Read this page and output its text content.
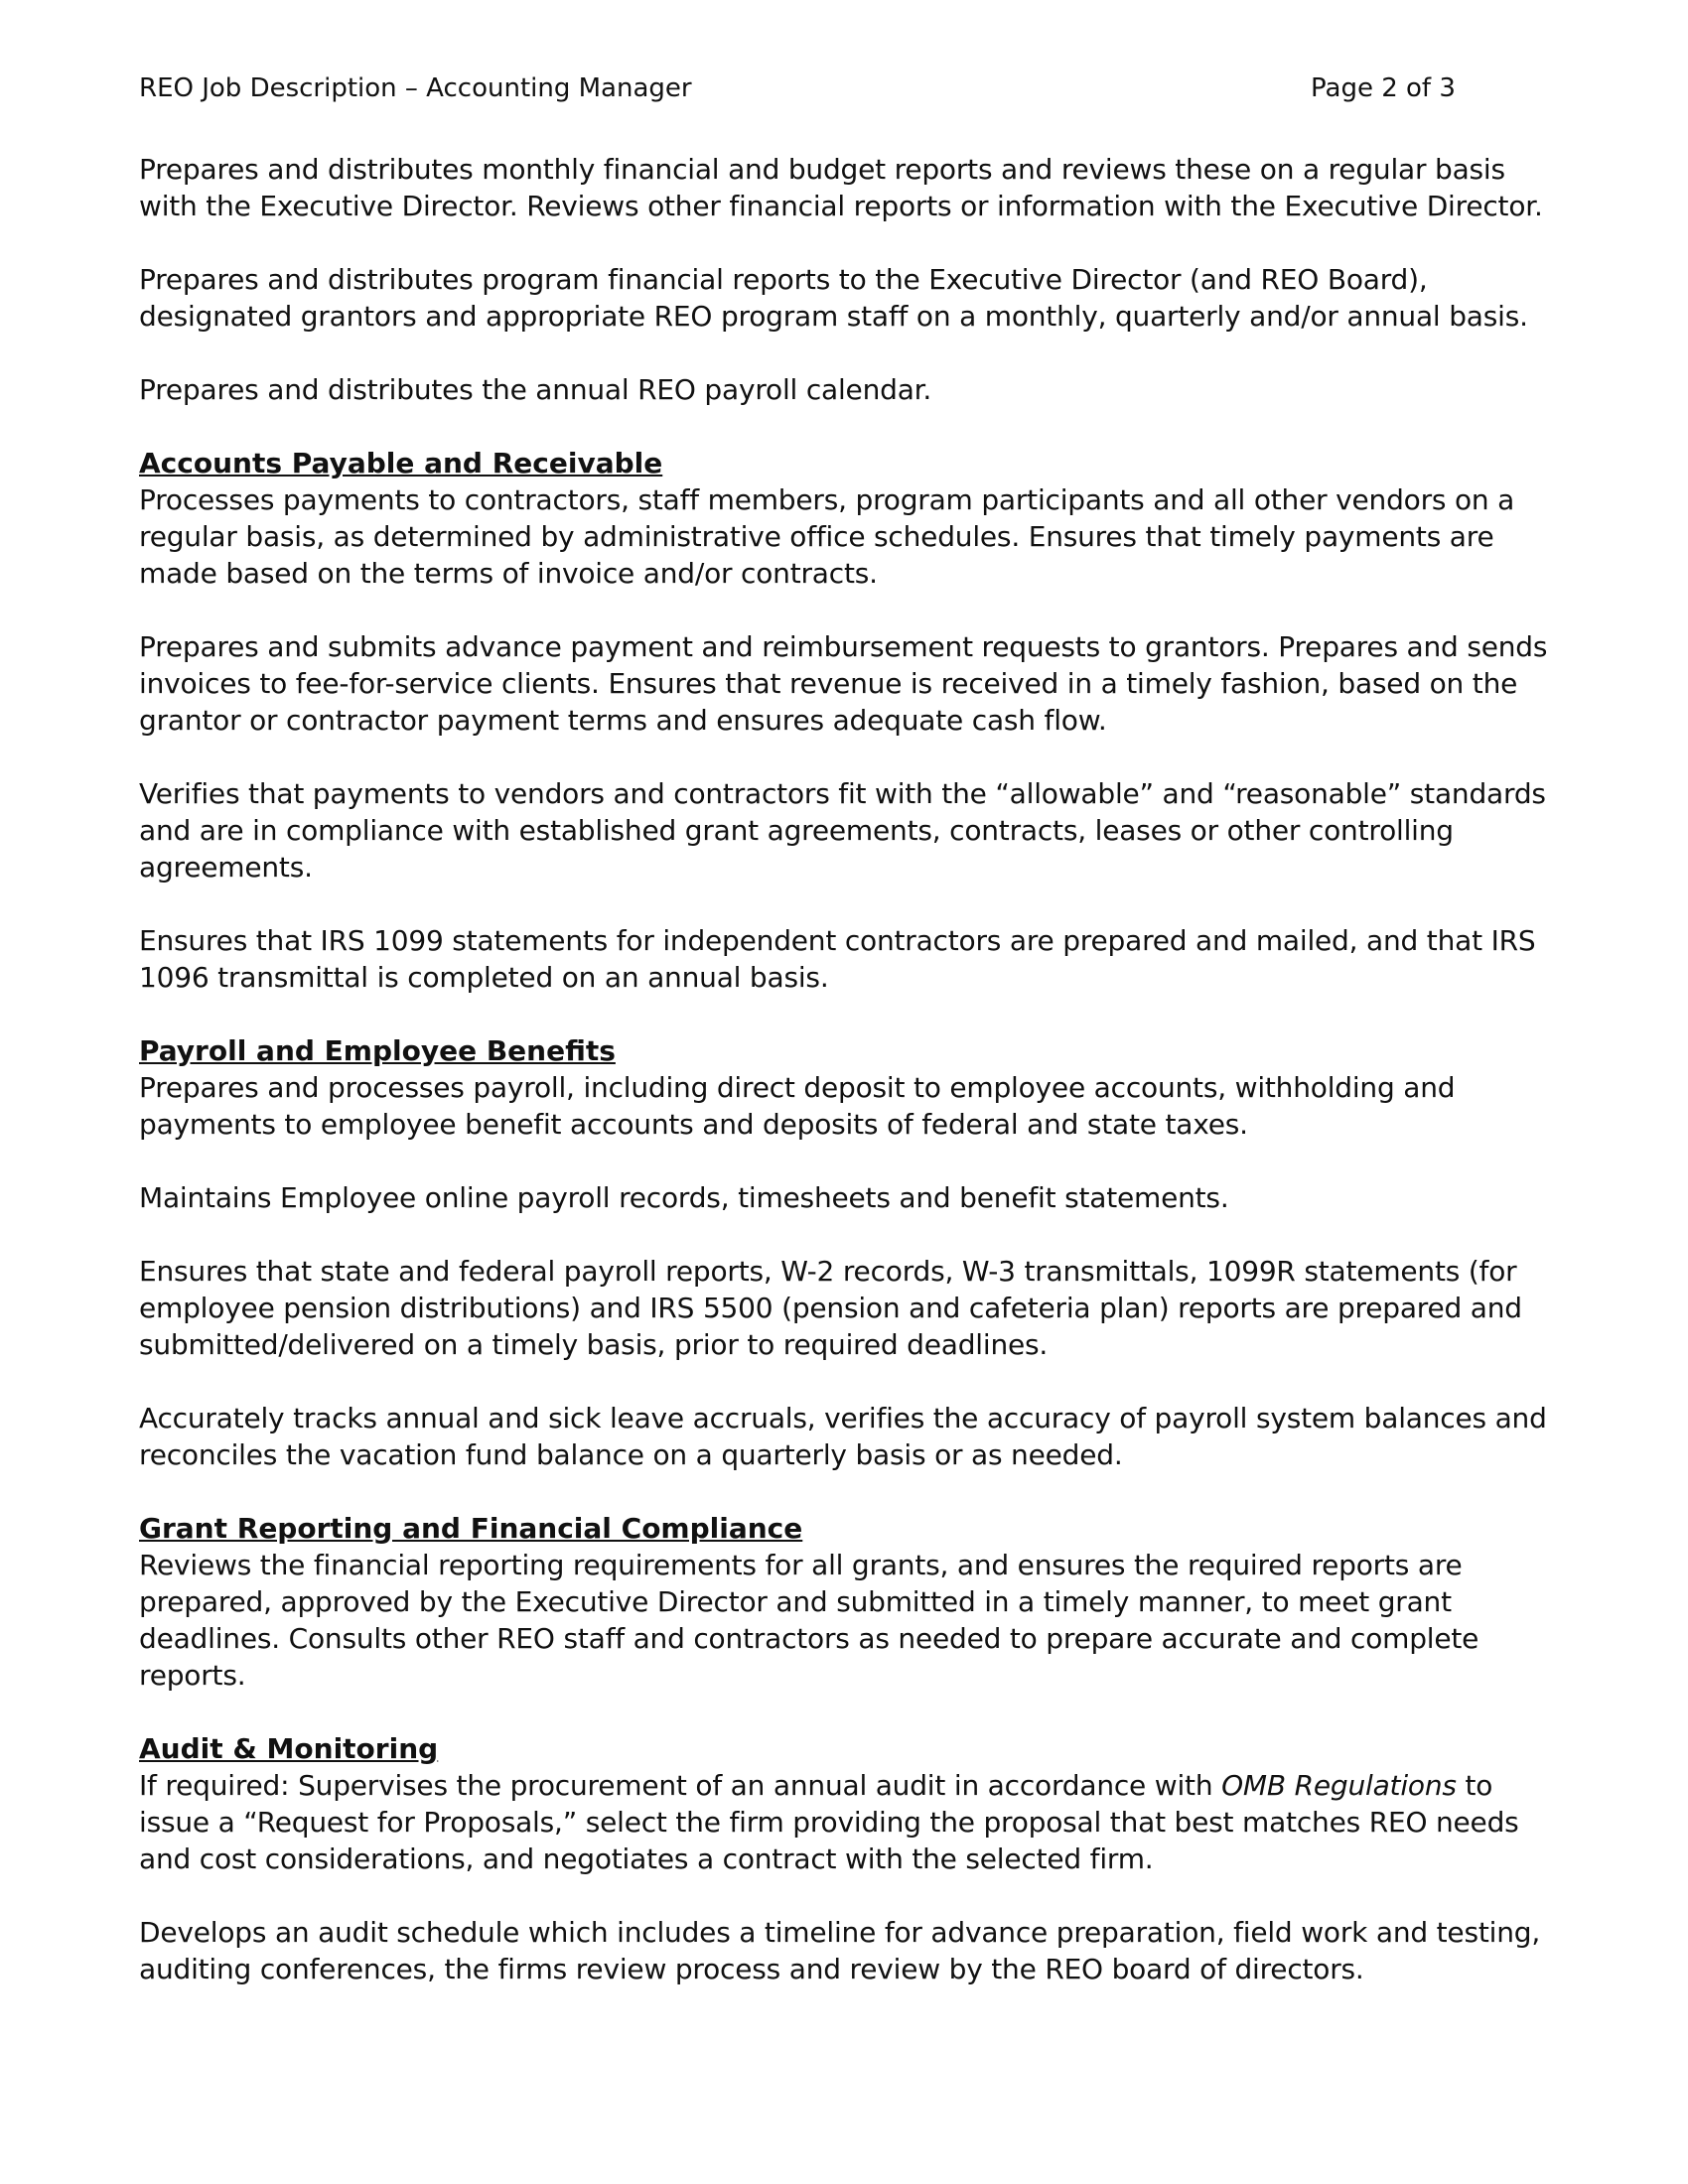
REO Job Description – Accounting Manager	Page 2 of 3

Prepares and distributes monthly financial and budget reports and reviews these on a regular basis with the Executive Director. Reviews other financial reports or information with the Executive Director.

Prepares and distributes program financial reports to the Executive Director (and REO Board), designated grantors and appropriate REO program staff on a monthly, quarterly and/or annual basis.

Prepares and distributes the annual REO payroll calendar.

Accounts Payable and Receivable

Processes payments to contractors, staff members, program participants and all other vendors on a regular basis, as determined by administrative office schedules. Ensures that timely payments are made based on the terms of invoice and/or contracts.

Prepares and submits advance payment and reimbursement requests to grantors. Prepares and sends invoices to fee-for-service clients. Ensures that revenue is received in a timely fashion, based on the grantor or contractor payment terms and ensures adequate cash flow.

Verifies that payments to vendors and contractors fit with the “allowable” and “reasonable” standards and are in compliance with established grant agreements, contracts, leases or other controlling agreements.

Ensures that IRS 1099 statements for independent contractors are prepared and mailed, and that IRS 1096 transmittal is completed on an annual basis.

Payroll and Employee Benefits

Prepares and processes payroll, including direct deposit to employee accounts, withholding and payments to employee benefit accounts and deposits of federal and state taxes.

Maintains Employee online payroll records, timesheets and benefit statements.

Ensures that state and federal payroll reports, W-2 records, W-3 transmittals, 1099R statements (for employee pension distributions) and IRS 5500 (pension and cafeteria plan) reports are prepared and submitted/delivered on a timely basis, prior to required deadlines.

Accurately tracks annual and sick leave accruals, verifies the accuracy of payroll system balances and reconciles the vacation fund balance on a quarterly basis or as needed.

Grant Reporting and Financial Compliance

Reviews the financial reporting requirements for all grants, and ensures the required reports are prepared, approved by the Executive Director and submitted in a timely manner, to meet grant deadlines. Consults other REO staff and contractors as needed to prepare accurate and complete reports.

Audit & Monitoring

If required: Supervises the procurement of an annual audit in accordance with OMB Regulations to issue a “Request for Proposals,” select the firm providing the proposal that best matches REO needs and cost considerations, and negotiates a contract with the selected firm.

Develops an audit schedule which includes a timeline for advance preparation, field work and testing, auditing conferences, the firms review process and review by the REO board of directors.
